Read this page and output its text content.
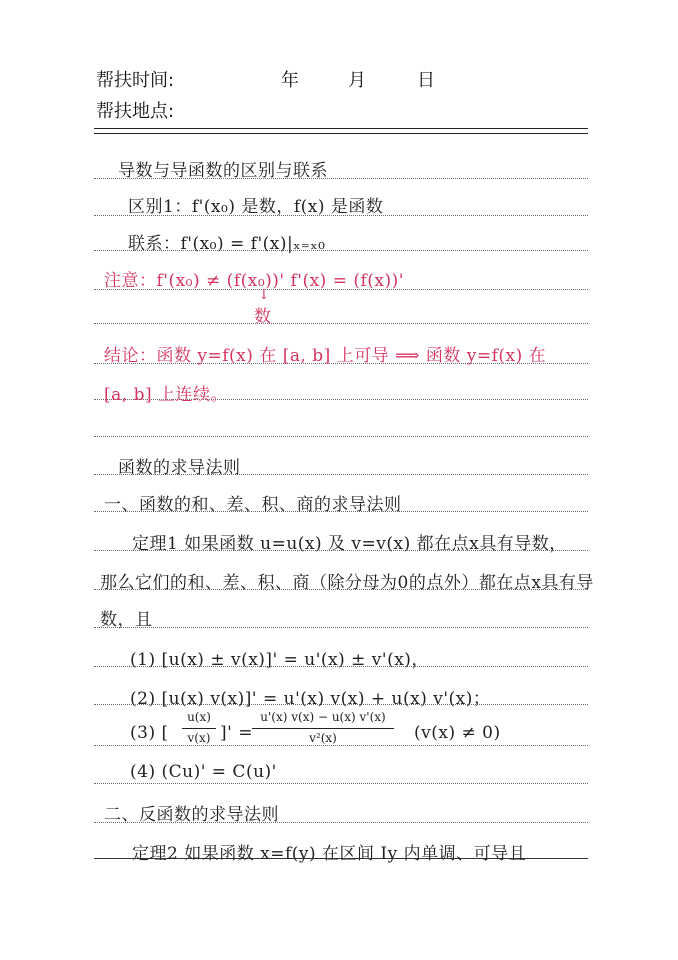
帮扶时间:	年	月	日
帮扶地点:
导数与导函数的区别与联系
区别1：f'(x₀) 是数，f(x) 是函数
联系：f'(x₀) = f'(x)|ₓ₌ₓ₀
注意：f'(x₀) ≠ (f(x₀))' f'(x) = (f(x))'
↓
数
结论：函数 y=f(x) 在 [a, b] 上可导 ⟹ 函数 y=f(x) 在
[a, b] 上连续。
函数的求导法则
一、函数的和、差、积、商的求导法则
定理1 如果函数 u=u(x) 及 v=v(x) 都在点x具有导数，
那么它们的和、差、积、商（除分母为0的点外）都在点x具有导
数，且
(1) [u(x) ± v(x)]' = u'(x) ± v'(x)，
(2) [u(x) v(x)]' = u'(x) v(x) + u(x) v'(x)；
(3) [
u(x)
v(x) ]' =
u'(x) v(x) − u(x) v'(x)
v²(x)	(v(x) ≠ 0)
(4) (Cu)' = C(u)'
二、反函数的求导法则
定理2 如果函数 x=f(y) 在区间 Iy 内单调、可导且
